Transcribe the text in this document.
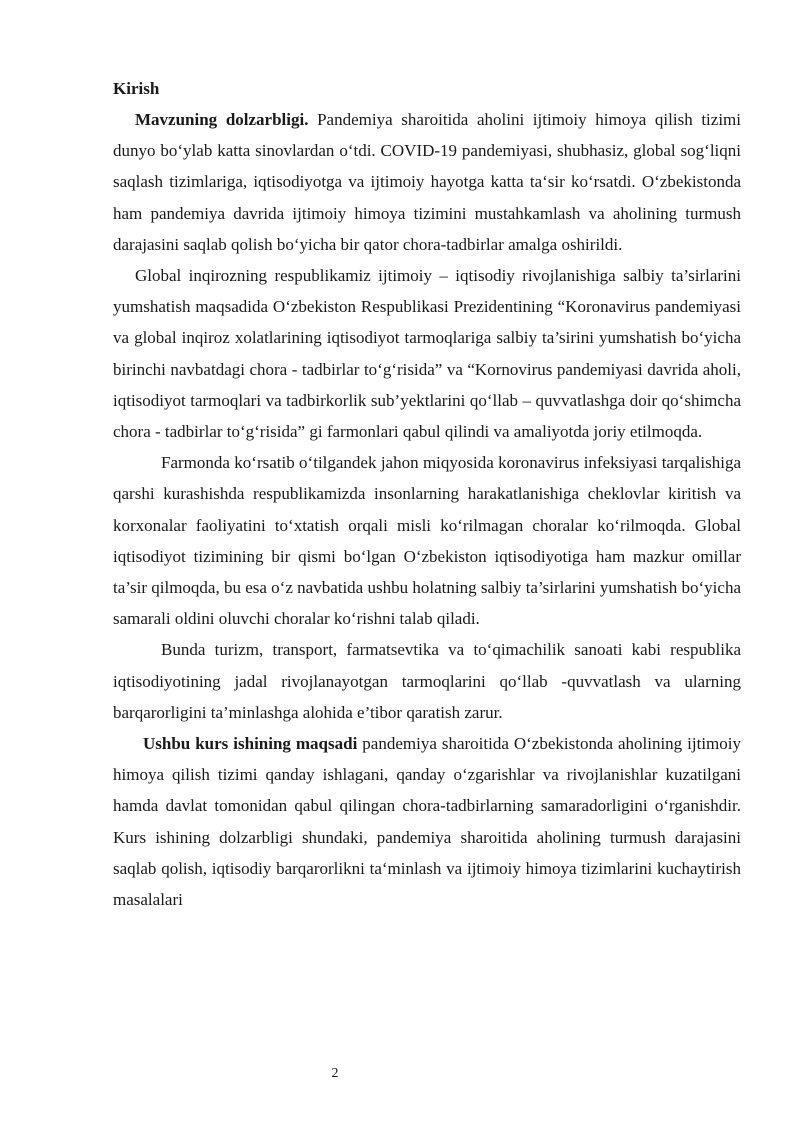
Kirish

Mavzuning dolzarbligi. Pandemiya sharoitida aholini ijtimoiy himoya qilish tizimi dunyo bo‘ylab katta sinovlardan o‘tdi. COVID-19 pandemiyasi, shubhasiz, global sog‘liqni saqlash tizimlariga, iqtisodiyotga va ijtimoiy hayotga katta ta‘sir ko‘rsatdi. O‘zbekistonda ham pandemiya davrida ijtimoiy himoya tizimini mustahkamlash va aholining turmush darajasini saqlab qolish bo‘yicha bir qator chora-tadbirlar amalga oshirildi.

Global inqirozning respublikamiz ijtimoiy – iqtisodiy rivojlanishiga salbiy ta’sirlarini yumshatish maqsadida O‘zbekiston Respublikasi Prezidentining “Koronavirus pandemiyasi va global inqiroz xolatlarining iqtisodiyot tarmoqlariga salbiy ta’sirini yumshatish bo‘yicha birinchi navbatdagi chora - tadbirlar to‘g‘risida” va “Kornovirus pandemiyasi davrida aholi, iqtisodiyot tarmoqlari va tadbirkorlik sub’yektlarini qo‘llab – quvvatlashga doir qo‘shimcha chora - tadbirlar to‘g‘risida” gi farmonlari qabul qilindi va amaliyotda joriy etilmoqda.

Farmonda ko‘rsatib o‘tilgandek jahon miqyosida koronavirus infeksiyasi tarqalishiga qarshi kurashishda respublikamizda insonlarning harakatlanishiga cheklovlar kiritish va korxonalar faoliyatini to‘xtatish orqali misli ko‘rilmagan choralar ko‘rilmoqda. Global iqtisodiyot tizimining bir qismi bo‘lgan O‘zbekiston iqtisodiyotiga ham mazkur omillar ta’sir qilmoqda, bu esa o‘z navbatida ushbu holatning salbiy ta’sirlarini yumshatish bo‘yicha samarali oldini oluvchi choralar ko‘rishni talab qiladi.

Bunda turizm, transport, farmatsevtika va to‘qimachilik sanoati kabi respublika iqtisodiyotining jadal rivojlanayotgan tarmoqlarini qo‘llab -quvvatlash va ularning barqarorligini ta’minlashga alohida e’tibor qaratish zarur.

Ushbu kurs ishining maqsadi pandemiya sharoitida O‘zbekistonda aholining ijtimoiy himoya qilish tizimi qanday ishlagani, qanday o‘zgarishlar va rivojlanishlar kuzatilgani hamda davlat tomonidan qabul qilingan chora-tadbirlarning samaradorligini o‘rganishdir. Kurs ishining dolzarbligi shundaki, pandemiya sharoitida aholining turmush darajasini saqlab qolish, iqtisodiy barqarorlikni ta‘minlash va ijtimoiy himoya tizimlarini kuchaytirish masalalari

2
